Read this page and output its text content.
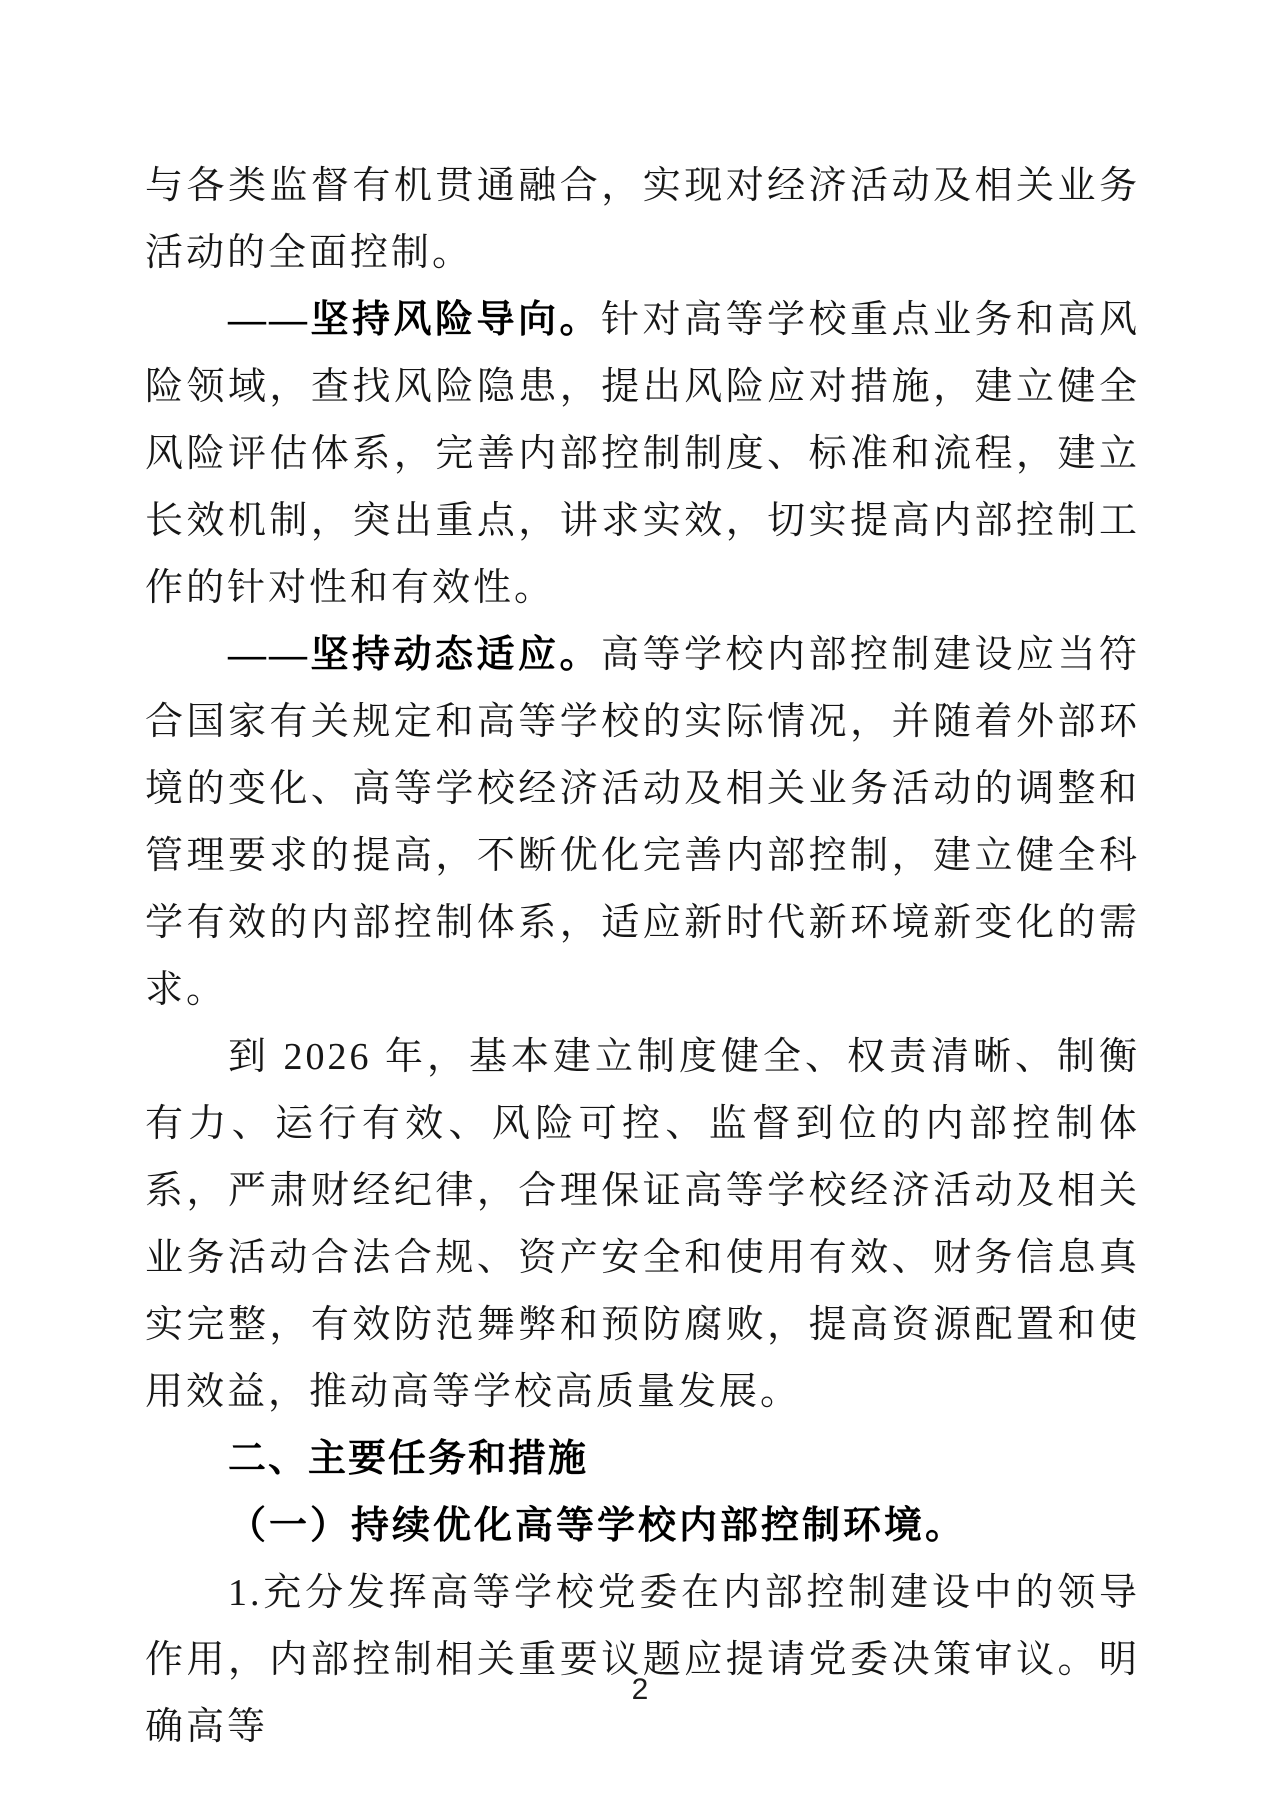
与各类监督有机贯通融合，实现对经济活动及相关业务活动的全面控制。

——坚持风险导向。针对高等学校重点业务和高风险领域，查找风险隐患，提出风险应对措施，建立健全风险评估体系，完善内部控制制度、标准和流程，建立长效机制，突出重点，讲求实效，切实提高内部控制工作的针对性和有效性。

——坚持动态适应。高等学校内部控制建设应当符合国家有关规定和高等学校的实际情况，并随着外部环境的变化、高等学校经济活动及相关业务活动的调整和管理要求的提高，不断优化完善内部控制，建立健全科学有效的内部控制体系，适应新时代新环境新变化的需求。

到 2026 年，基本建立制度健全、权责清晰、制衡有力、运行有效、风险可控、监督到位的内部控制体系，严肃财经纪律，合理保证高等学校经济活动及相关业务活动合法合规、资产安全和使用有效、财务信息真实完整，有效防范舞弊和预防腐败，提高资源配置和使用效益，推动高等学校高质量发展。

二、主要任务和措施
（一）持续优化高等学校内部控制环境。

1.充分发挥高等学校党委在内部控制建设中的领导作用，内部控制相关重要议题应提请党委决策审议。明确高等

2
